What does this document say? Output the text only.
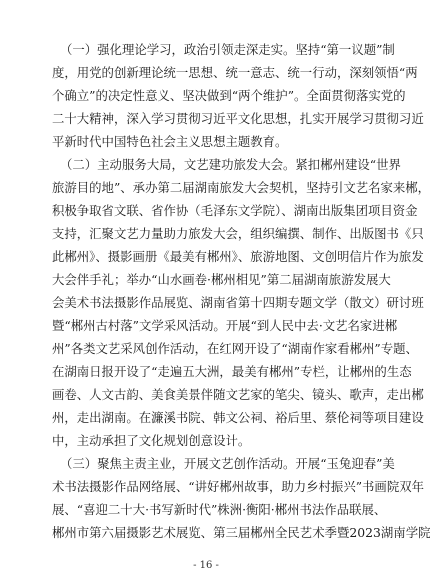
（一）强化理论学习，政治引领走深走实。坚持“第一议题”制
度，用党的创新理论统一思想、统一意志、统一行动，深刻领悟“两
个确立”的决定性意义、坚决做到“两个维护”。全面贯彻落实党的
二十大精神，深入学习贯彻习近平文化思想，扎实开展学习贯彻习近
平新时代中国特色社会主义思想主题教育。
（二）主动服务大局，文艺建功旅发大会。紧扣郴州建设“世界
旅游目的地”、承办第二届湖南旅发大会契机，坚持引文艺名家来郴，
积极争取省文联、省作协（毛泽东文学院）、湖南出版集团项目资金
支持，汇聚文艺力量助力旅发大会，组织编撰、制作、出版图书《只
此郴州》、摄影画册《最美有郴州》、旅游地图、文创明信片作为旅发
大会伴手礼；举办“山水画卷·郴州相见”第二届湖南旅游发展大
会美术书法摄影作品展览、湖南省第十四期专题文学（散文）研讨班
暨“郴州古村落”文学采风活动。开展“到人民中去·文艺名家进郴
州”各类文艺采风创作活动，在红网开设了“湖南作家看郴州”专题、
在湖南日报开设了“走遍五大洲，最美有郴州”专栏，让郴州的生态
画卷、人文古韵、美食美景伴随文艺家的笔尖、镜头、歌声，走出郴
州，走出湖南。在濂溪书院、韩文公祠、裕后里、蔡伦祠等项目建设
中，主动承担了文化规划创意设计。
（三）聚焦主责主业，开展文艺创作活动。开展“玉兔迎春”美
术书法摄影作品网络展、“讲好郴州故事，助力乡村振兴”书画院双年
展、“喜迎二十大·书写新时代”株洲·衡阳·郴州书法作品联展、
郴州市第六届摄影艺术展览、第三届郴州全民艺术季暨2023湖南学院
- 16 -
